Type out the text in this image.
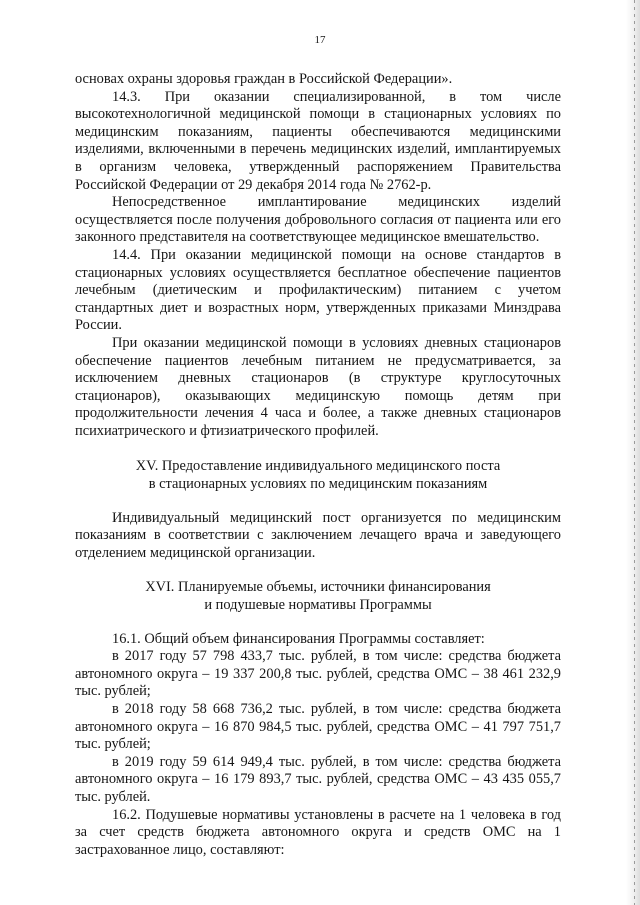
17

основах охраны здоровья граждан в Российской Федерации».

14.3. При оказании специализированной, в том числе высокотехнологичной медицинской помощи в стационарных условиях по медицинским показаниям, пациенты обеспечиваются медицинскими изделиями, включенными в перечень медицинских изделий, имплантируемых в организм человека, утвержденный распоряжением Правительства Российской Федерации от 29 декабря 2014 года № 2762-р.

Непосредственное имплантирование медицинских изделий осуществляется после получения добровольного согласия от пациента или его законного представителя на соответствующее медицинское вмешательство.

14.4. При оказании медицинской помощи на основе стандартов в стационарных условиях осуществляется бесплатное обеспечение пациентов лечебным (диетическим и профилактическим) питанием с учетом стандартных диет и возрастных норм, утвержденных приказами Минздрава России.

При оказании медицинской помощи в условиях дневных стационаров обеспечение пациентов лечебным питанием не предусматривается, за исключением дневных стационаров (в структуре круглосуточных стационаров), оказывающих медицинскую помощь детям при продолжительности лечения 4 часа и более, а также дневных стационаров психиатрического и фтизиатрического профилей.

XV. Предоставление индивидуального медицинского поста
в стационарных условиях по медицинским показаниям

Индивидуальный медицинский пост организуется по медицинским показаниям в соответствии с заключением лечащего врача и заведующего отделением медицинской организации.

XVI. Планируемые объемы, источники финансирования
и подушевые нормативы Программы

16.1. Общий объем финансирования Программы составляет:

в 2017 году 57 798 433,7 тыс. рублей, в том числе: средства бюджета автономного округа – 19 337 200,8 тыс. рублей, средства ОМС – 38 461 232,9 тыс. рублей;

в 2018 году 58 668 736,2 тыс. рублей, в том числе: средства бюджета автономного округа – 16 870 984,5 тыс. рублей, средства ОМС – 41 797 751,7 тыс. рублей;

в 2019 году 59 614 949,4 тыс. рублей, в том числе: средства бюджета автономного округа – 16 179 893,7 тыс. рублей, средства ОМС – 43 435 055,7 тыс. рублей.

16.2. Подушевые нормативы установлены в расчете на 1 человека в год за счет средств бюджета автономного округа и средств ОМС на 1 застрахованное лицо, составляют:
